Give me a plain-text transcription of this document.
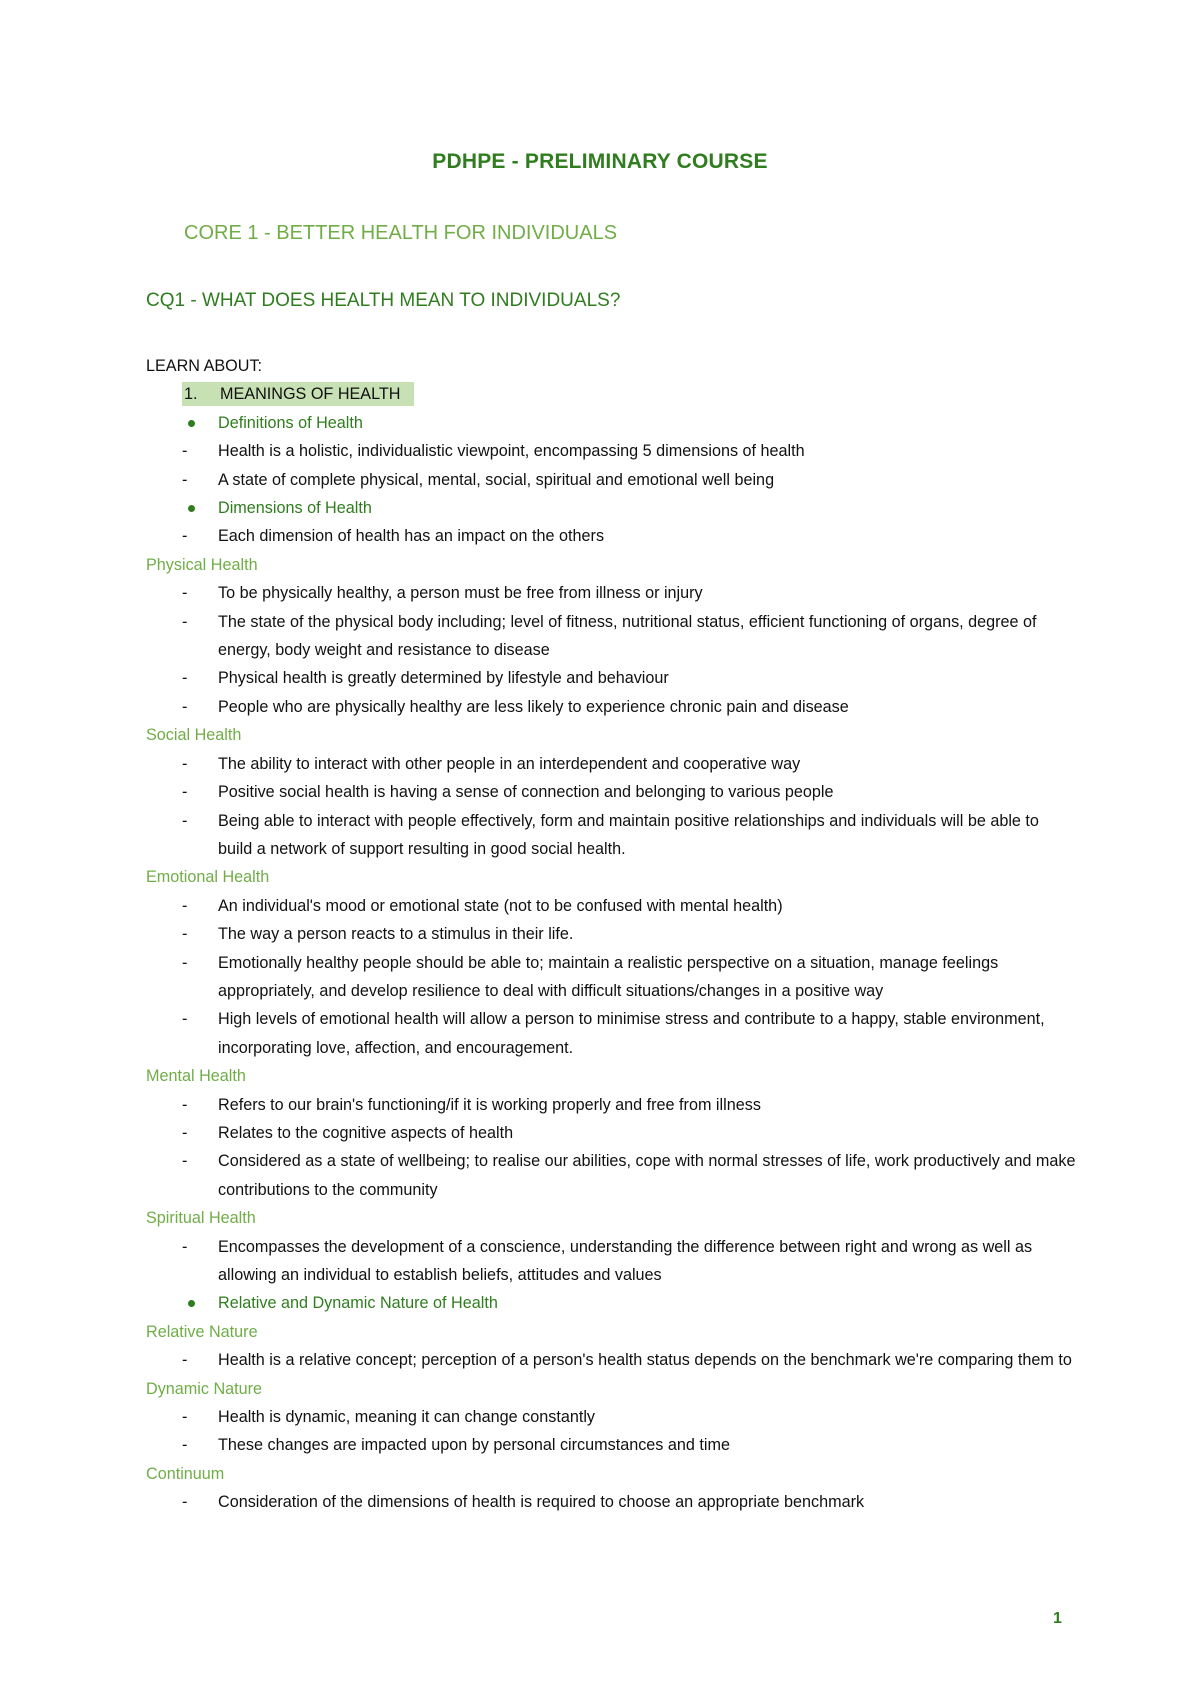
PDHPE - PRELIMINARY COURSE
CORE 1 - BETTER HEALTH FOR INDIVIDUALS
CQ1 - WHAT DOES HEALTH MEAN TO INDIVIDUALS?
LEARN ABOUT:
1. MEANINGS OF HEALTH
Definitions of Health
- Health is a holistic, individualistic viewpoint, encompassing 5 dimensions of health
- A state of complete physical, mental, social, spiritual and emotional well being
Dimensions of Health
- Each dimension of health has an impact on the others
Physical Health
- To be physically healthy, a person must be free from illness or injury
- The state of the physical body including; level of fitness, nutritional status, efficient functioning of organs, degree of energy, body weight and resistance to disease
- Physical health is greatly determined by lifestyle and behaviour
- People who are physically healthy are less likely to experience chronic pain and disease
Social Health
- The ability to interact with other people in an interdependent and cooperative way
- Positive social health is having a sense of connection and belonging to various people
- Being able to interact with people effectively, form and maintain positive relationships and individuals will be able to build a network of support resulting in good social health.
Emotional Health
- An individual's mood or emotional state (not to be confused with mental health)
- The way a person reacts to a stimulus in their life.
- Emotionally healthy people should be able to; maintain a realistic perspective on a situation, manage feelings appropriately, and develop resilience to deal with difficult situations/changes in a positive way
- High levels of emotional health will allow a person to minimise stress and contribute to a happy, stable environment, incorporating love, affection, and encouragement.
Mental Health
- Refers to our brain's functioning/if it is working properly and free from illness
- Relates to the cognitive aspects of health
- Considered as a state of wellbeing; to realise our abilities, cope with normal stresses of life, work productively and make contributions to the community
Spiritual Health
- Encompasses the development of a conscience, understanding the difference between right and wrong as well as allowing an individual to establish beliefs, attitudes and values
Relative and Dynamic Nature of Health
Relative Nature
- Health is a relative concept; perception of a person's health status depends on the benchmark we're comparing them to
Dynamic Nature
- Health is dynamic, meaning it can change constantly
- These changes are impacted upon by personal circumstances and time
Continuum
- Consideration of the dimensions of health is required to choose an appropriate benchmark
1
